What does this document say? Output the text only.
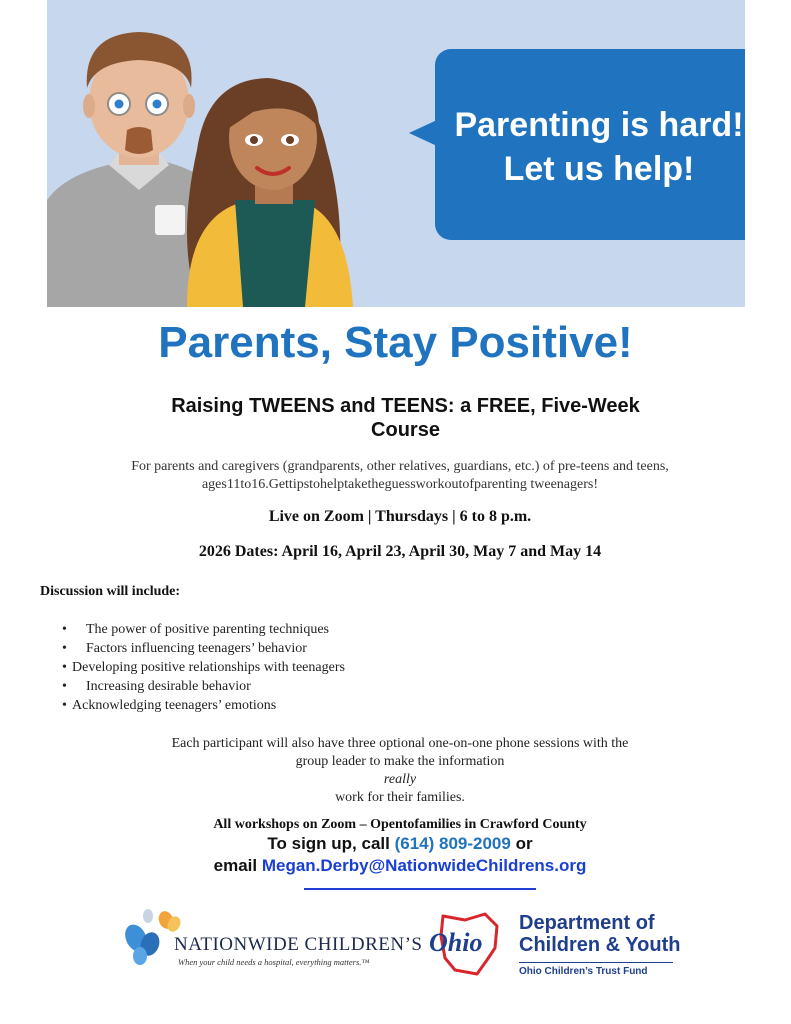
Parenting is hard!
Let us help!
Parents, Stay Positive!
Raising TWEENS and TEENS: a FREE, Five-Week
Course
For parents and caregivers (grandparents, other relatives, guardians, etc.) of pre-teens and teens,
ages11to16.Gettipstohelptaketheguessworkoutofparenting tweenagers!
Live on Zoom | Thursdays | 6 to 8 p.m.
2026 Dates: April 16, April 23, April 30, May 7 and May 14
Discussion will include:
• The power of positive parenting techniques
• Factors influencing teenagers’ behavior
• Developing positive relationships with teenagers
• Increasing desirable behavior
• Acknowledging teenagers’ emotions
Each participant will also have three optional one-on-one phone sessions with the
group leader to make the information
really
work for their families.
All workshops on Zoom – Opentofamilies in Crawford County
To sign up, call (614) 809-2009 or
email Megan.Derby@NationwideChildrens.org
NATIONWIDE CHILDREN’S
When your child needs a hospital, everything matters.™
Ohio
Department of
Children & Youth
Ohio Children’s Trust Fund
